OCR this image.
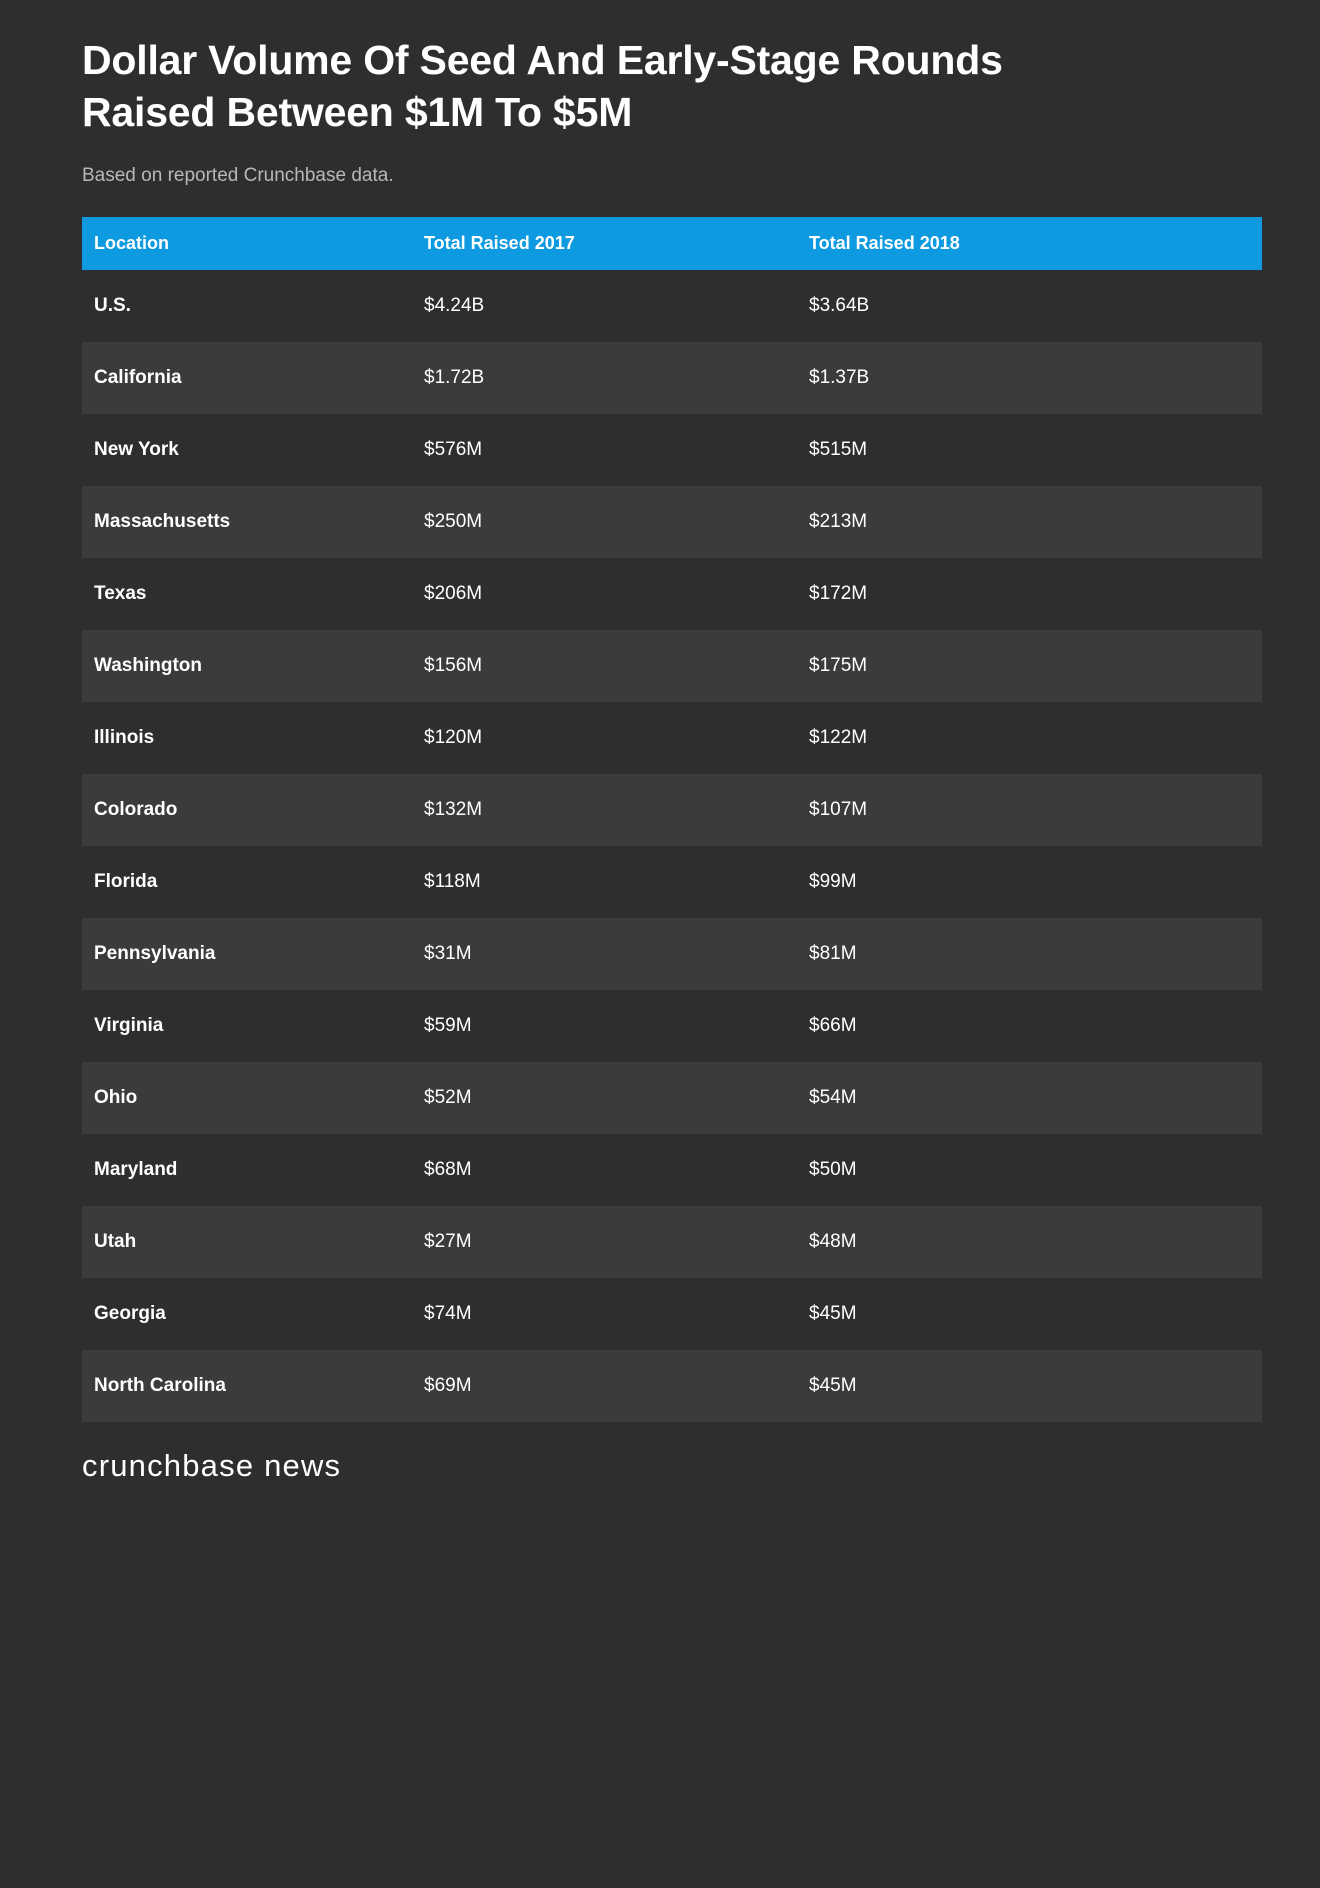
Dollar Volume Of Seed And Early-Stage Rounds Raised Between $1M To $5M

Based on reported Crunchbase data.

Location	Total Raised 2017	Total Raised 2018
U.S.	$4.24B	$3.64B
California	$1.72B	$1.37B
New York	$576M	$515M
Massachusetts	$250M	$213M
Texas	$206M	$172M
Washington	$156M	$175M
Illinois	$120M	$122M
Colorado	$132M	$107M
Florida	$118M	$99M
Pennsylvania	$31M	$81M
Virginia	$59M	$66M
Ohio	$52M	$54M
Maryland	$68M	$50M
Utah	$27M	$48M
Georgia	$74M	$45M
North Carolina	$69M	$45M
crunchbase news
